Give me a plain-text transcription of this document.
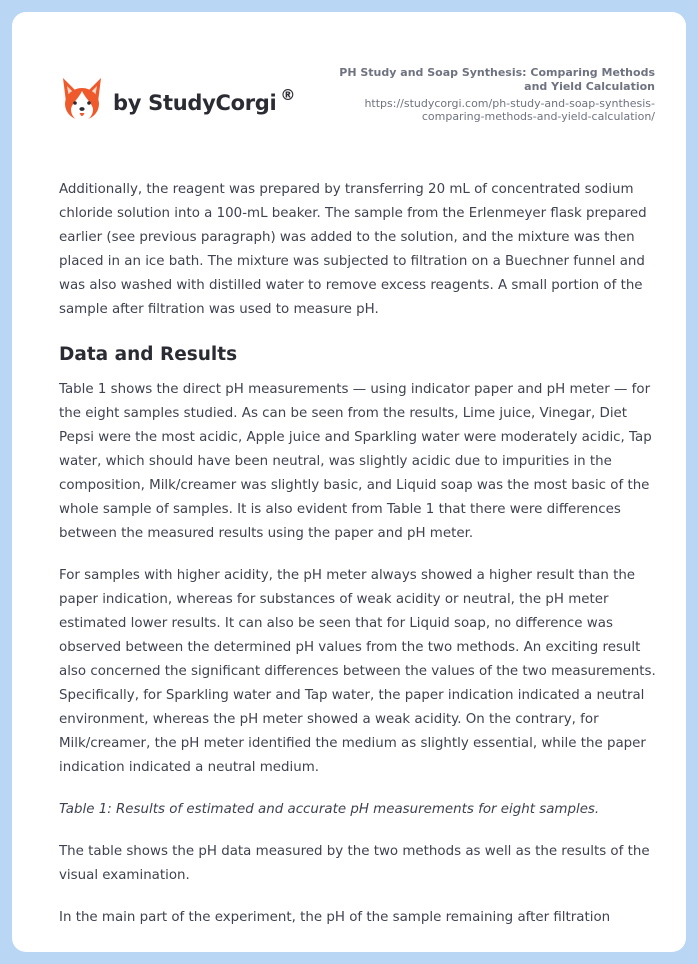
by StudyCorgi ®
PH Study and Soap Synthesis: Comparing Methods and Yield Calculation
https://studycorgi.com/ph-study-and-soap-synthesis-comparing-methods-and-yield-calculation/

Additionally, the reagent was prepared by transferring 20 mL of concentrated sodium chloride solution into a 100-mL beaker. The sample from the Erlenmeyer flask prepared earlier (see previous paragraph) was added to the solution, and the mixture was then placed in an ice bath. The mixture was subjected to filtration on a Buechner funnel and was also washed with distilled water to remove excess reagents. A small portion of the sample after filtration was used to measure pH.

Data and Results

Table 1 shows the direct pH measurements — using indicator paper and pH meter — for the eight samples studied. As can be seen from the results, Lime juice, Vinegar, Diet Pepsi were the most acidic, Apple juice and Sparkling water were moderately acidic, Tap water, which should have been neutral, was slightly acidic due to impurities in the composition, Milk/creamer was slightly basic, and Liquid soap was the most basic of the whole sample of samples. It is also evident from Table 1 that there were differences between the measured results using the paper and pH meter.

For samples with higher acidity, the pH meter always showed a higher result than the paper indication, whereas for substances of weak acidity or neutral, the pH meter estimated lower results. It can also be seen that for Liquid soap, no difference was observed between the determined pH values from the two methods. An exciting result also concerned the significant differences between the values of the two measurements. Specifically, for Sparkling water and Tap water, the paper indication indicated a neutral environment, whereas the pH meter showed a weak acidity. On the contrary, for Milk/creamer, the pH meter identified the medium as slightly essential, while the paper indication indicated a neutral medium.

Table 1: Results of estimated and accurate pH measurements for eight samples.

The table shows the pH data measured by the two methods as well as the results of the visual examination.

In the main part of the experiment, the pH of the sample remaining after filtration
